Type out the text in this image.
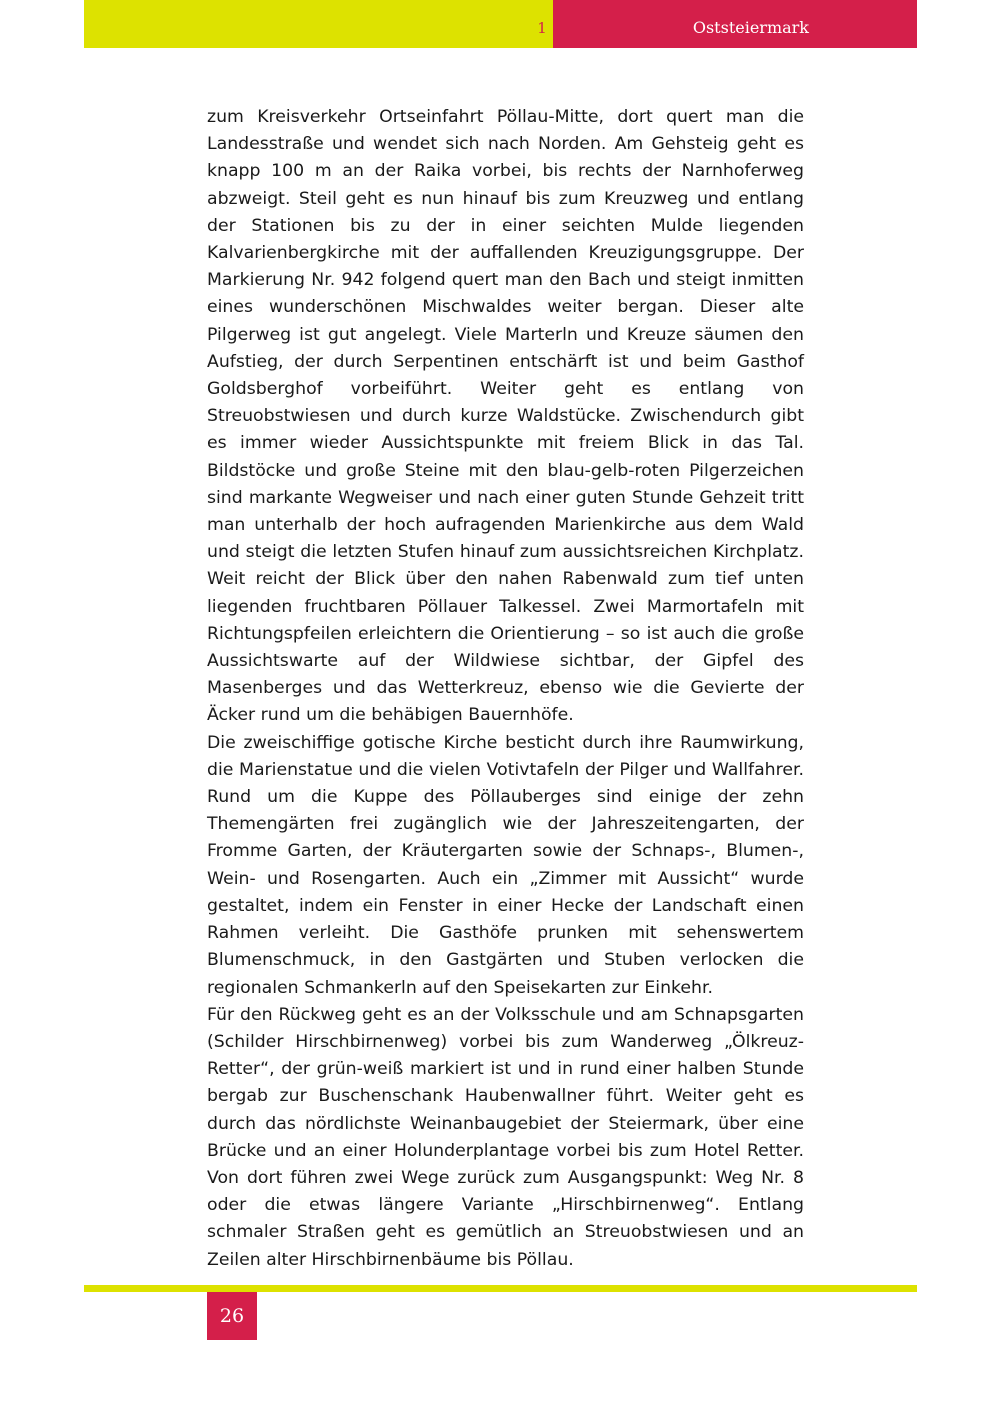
1	Oststeiermark

zum Kreisverkehr Ortseinfahrt Pöllau-Mitte, dort quert man die Landesstraße und wendet sich nach Norden. Am Gehsteig geht es knapp 100 m an der Raika vorbei, bis rechts der Narnhoferweg abzweigt. Steil geht es nun hinauf bis zum Kreuzweg und entlang der Stationen bis zu der in einer seichten Mulde liegenden Kalvarienbergkirche mit der auffallenden Kreuzigungsgruppe. Der Markierung Nr. 942 folgend quert man den Bach und steigt inmitten eines wunderschönen Mischwaldes weiter bergan. Dieser alte Pilgerweg ist gut angelegt. Viele Marterln und Kreuze säumen den Aufstieg, der durch Serpentinen entschärft ist und beim Gasthof Goldsberghof vorbeiführt. Weiter geht es entlang von Streuobstwiesen und durch kurze Waldstücke. Zwischendurch gibt es immer wieder Aussichtspunkte mit freiem Blick in das Tal. Bildstöcke und große Steine mit den blau-gelb-roten Pilgerzeichen sind markante Wegweiser und nach einer guten Stunde Gehzeit tritt man unterhalb der hoch aufragenden Marienkirche aus dem Wald und steigt die letzten Stufen hinauf zum aussichtsreichen Kirchplatz. Weit reicht der Blick über den nahen Rabenwald zum tief unten liegenden fruchtbaren Pöllauer Talkessel. Zwei Marmortafeln mit Richtungspfeilen erleichtern die Orientierung – so ist auch die große Aussichtswarte auf der Wildwiese sichtbar, der Gipfel des Masenberges und das Wetterkreuz, ebenso wie die Gevierte der Äcker rund um die behäbigen Bauernhöfe.

Die zweischiffige gotische Kirche besticht durch ihre Raumwirkung, die Marienstatue und die vielen Votivtafeln der Pilger und Wallfahrer. Rund um die Kuppe des Pöllauberges sind einige der zehn Themengärten frei zugänglich wie der Jahreszeitengarten, der Fromme Garten, der Kräutergarten sowie der Schnaps-, Blumen-, Wein- und Rosengarten. Auch ein „Zimmer mit Aussicht“ wurde gestaltet, indem ein Fenster in einer Hecke der Landschaft einen Rahmen verleiht. Die Gasthöfe prunken mit sehenswertem Blumenschmuck, in den Gastgärten und Stuben verlocken die regionalen Schmankerln auf den Speisekarten zur Einkehr.

Für den Rückweg geht es an der Volksschule und am Schnapsgarten (Schilder Hirschbirnenweg) vorbei bis zum Wanderweg „Ölkreuz-Retter“, der grün-weiß markiert ist und in rund einer halben Stunde bergab zur Buschenschank Haubenwallner führt. Weiter geht es durch das nördlichste Weinanbaugebiet der Steiermark, über eine Brücke und an einer Holunderplantage vorbei bis zum Hotel Retter. Von dort führen zwei Wege zurück zum Ausgangspunkt: Weg Nr. 8 oder die etwas längere Variante „Hirschbirnenweg“. Entlang schmaler Straßen geht es gemütlich an Streuobstwiesen und an Zeilen alter Hirschbirnenbäume bis Pöllau.

26
